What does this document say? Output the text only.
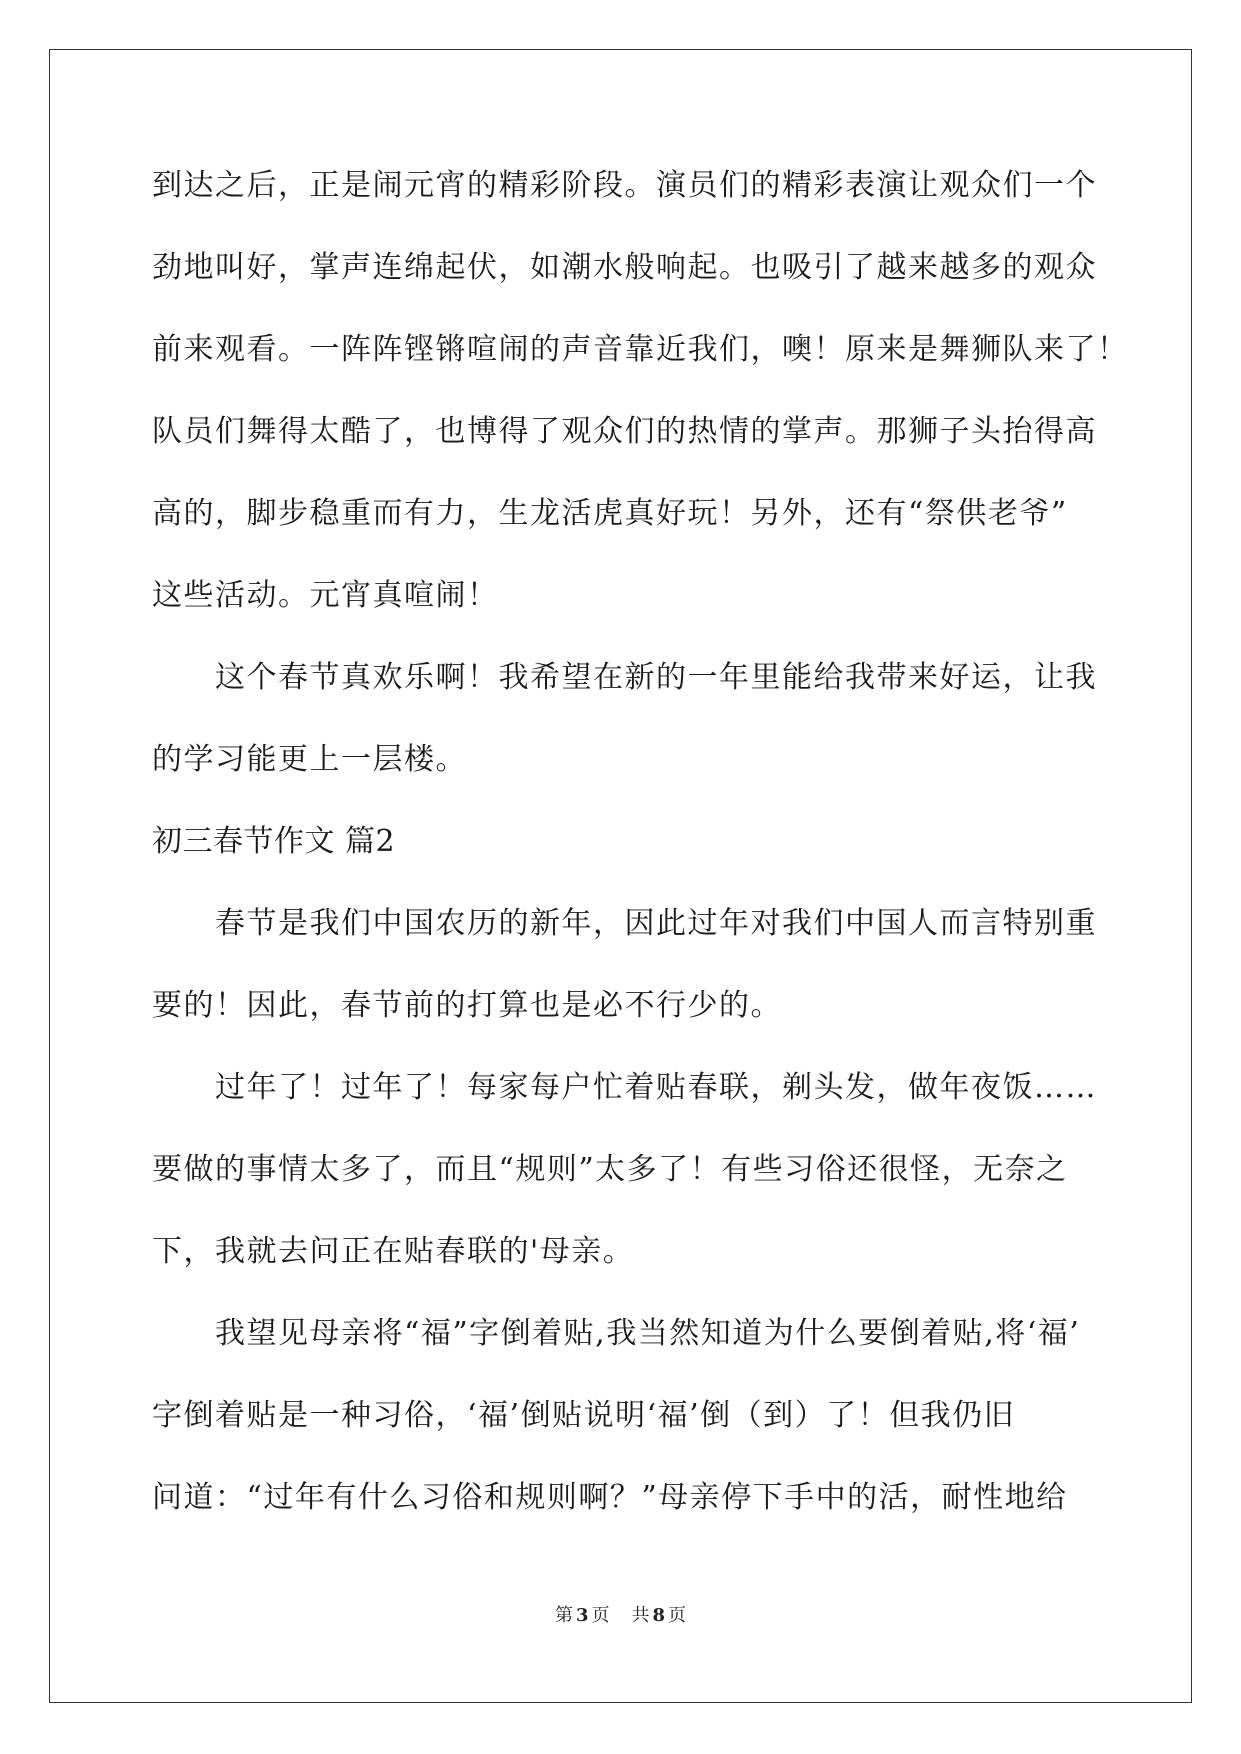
到达之后，正是闹元宵的精彩阶段。演员们的精彩表演让观众们一个
劲地叫好，掌声连绵起伏，如潮水般响起。也吸引了越来越多的观众
前来观看。一阵阵铿锵喧闹的声音靠近我们，噢！原来是舞狮队来了！
队员们舞得太酷了，也博得了观众们的热情的掌声。那狮子头抬得高
高的，脚步稳重而有力，生龙活虎真好玩！另外，还有“祭供老爷”
这些活动。元宵真喧闹！
这个春节真欢乐啊！我希望在新的一年里能给我带来好运，让我
的学习能更上一层楼。
初三春节作文 篇2
春节是我们中国农历的新年，因此过年对我们中国人而言特别重
要的！因此，春节前的打算也是必不行少的。
过年了！过年了！每家每户忙着贴春联，剃头发，做年夜饭……
要做的事情太多了，而且“规则”太多了！有些习俗还很怪，无奈之
下，我就去问正在贴春联的'母亲。
我望见母亲将“福”字倒着贴,我当然知道为什么要倒着贴,将‘福’
字倒着贴是一种习俗，‘福’倒贴说明‘福’倒（到）了！但我仍旧
问道：“过年有什么习俗和规则啊？”母亲停下手中的活，耐性地给
第 3 页 共 8 页
